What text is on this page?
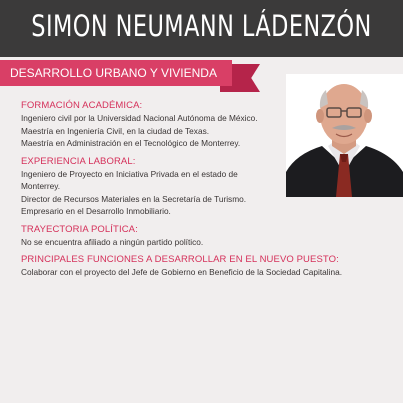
SIMON NEUMANN LÁDENZÓN
DESARROLLO URBANO Y VIVIENDA
FORMACIÓN ACADÉMICA:
Ingeniero civil por la Universidad Nacional Autónoma de México.
Maestría en Ingeniería Civil, en la ciudad de Texas.
Maestría en Administración en el Tecnológico de Monterrey.
EXPERIENCIA LABORAL:
Ingeniero de Proyecto en Iniciativa Privada en el estado de
Monterrey.
Director de Recursos Materiales en la Secretaría de Turismo.
Empresario en el Desarrollo Inmobiliario.
TRAYECTORIA POLÍTICA:
No se encuentra afiliado a ningún partido político.
PRINCIPALES FUNCIONES A DESARROLLAR EN EL NUEVO PUESTO:
Colaborar con el proyecto del Jefe de Gobierno en Beneficio de la Sociedad Capitalina.
